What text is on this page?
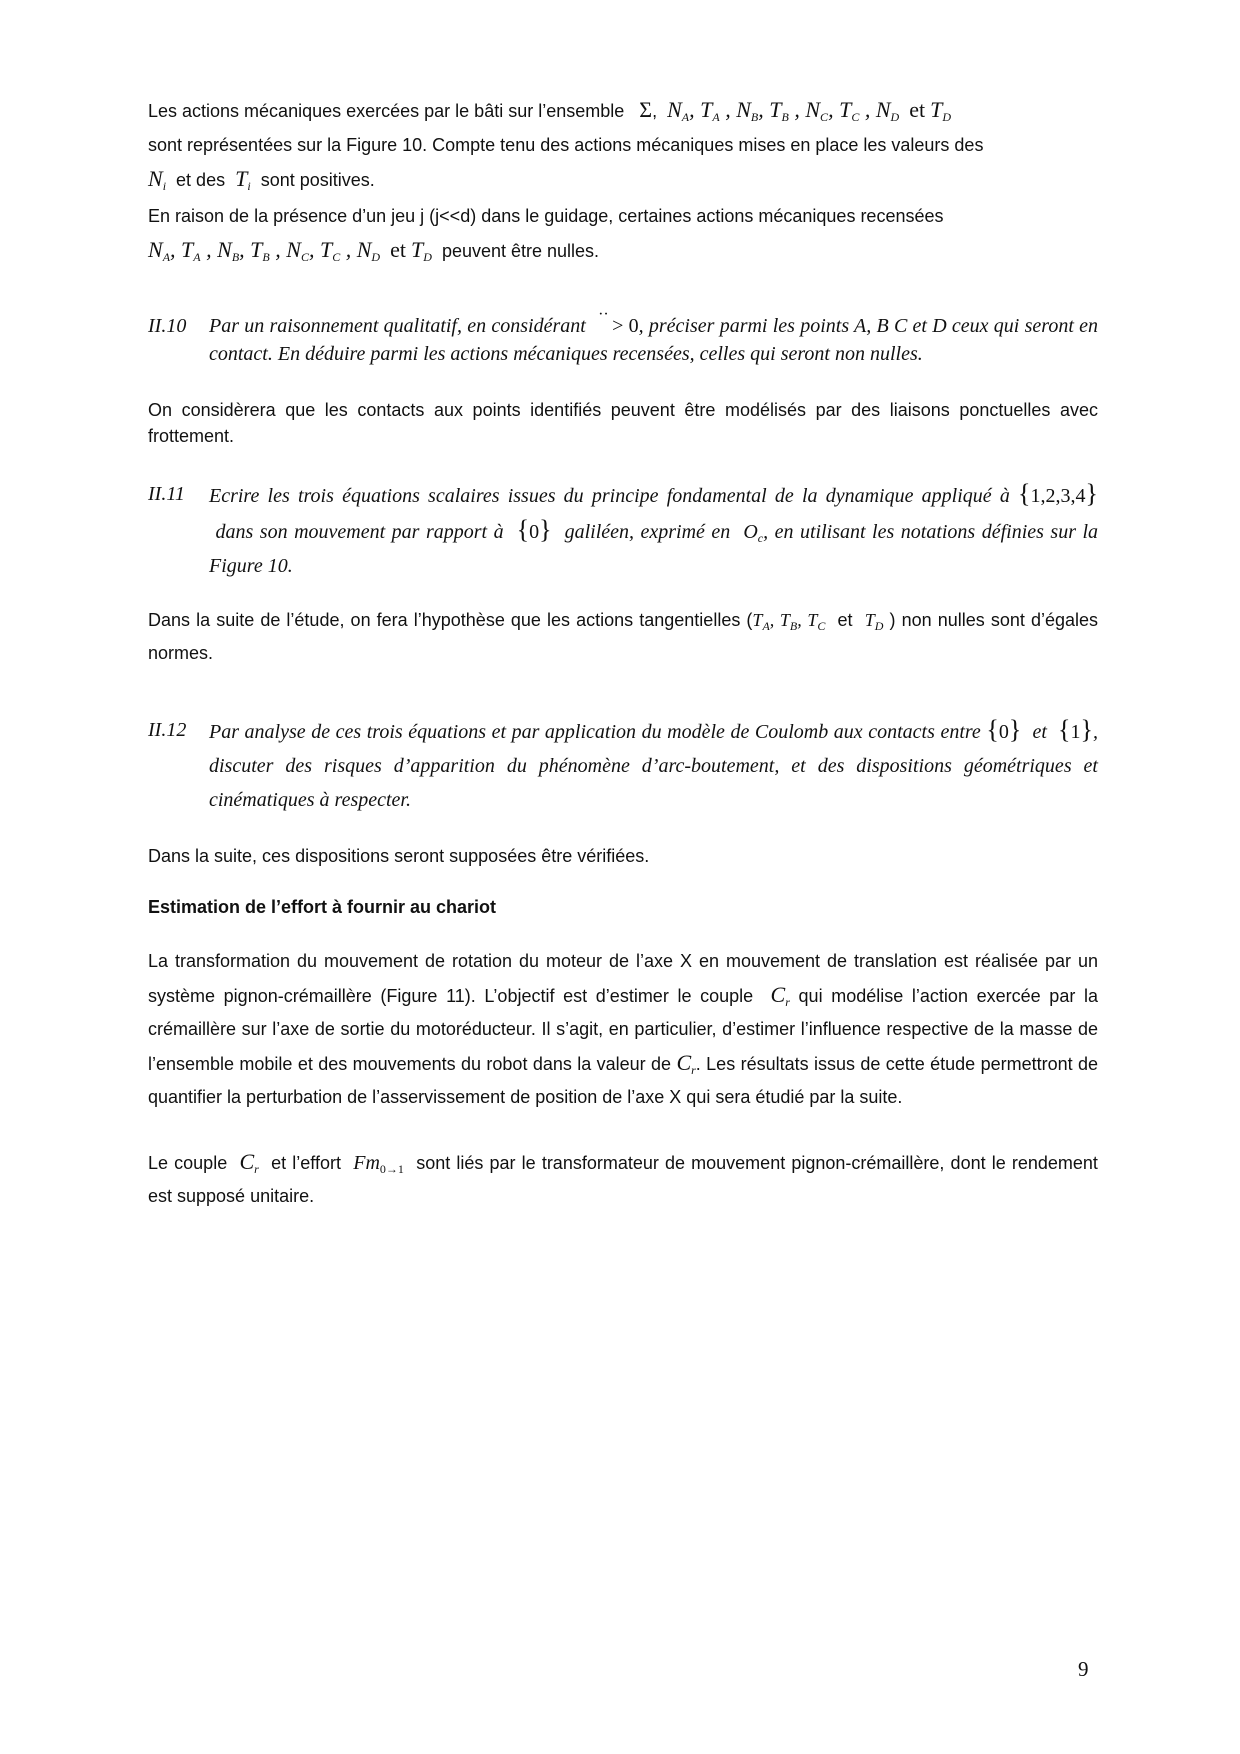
Les actions mécaniques exercées par le bâti sur l’ensemble Σ,  $N_A$, $T_A$ , $N_B$, $T_B$ , $N_C$, $T_C$ , $N_D$ et $T_D$
sont représentées sur la Figure 10. Compte tenu des actions mécaniques mises en place les valeurs des
$N_i$ et des $T_i$ sont positives.
En raison de la présence d’un jeu j (j<<d) dans le guidage, certaines actions mécaniques recensées
$N_A$, $T_A$ , $N_B$, $T_B$ , $N_C$, $T_C$ , $N_D$ et $T_D$ peuvent être nulles.
II.10 Par un raisonnement qualitatif, en considérant
··
> 0, préciser parmi les points A, B C et D ceux qui seront en contact. En déduire parmi les actions mécaniques recensées, celles qui seront non nulles.
On considèrera que les contacts aux points identifiés peuvent être modélisés par des liaisons ponctuelles avec frottement.
II.11 Ecrire les trois équations scalaires issues du principe fondamental de la dynamique appliqué à {1,2,3,4}  dans son mouvement par rapport à {0} galiléen, exprimé en $O_c$, en utilisant les notations définies sur la Figure 10.
Dans la suite de l’étude, on fera l’hypothèse que les actions tangentielles ($T_A$, $T_B$, $T_C$ et $T_D$ ) non nulles sont d’égales normes.
II.12 Par analyse de ces trois équations et par application du modèle de Coulomb aux contacts entre {0} et {1}, discuter des risques d’apparition du phénomène d’arc-boutement, et des dispositions géométriques et cinématiques à respecter.
Dans la suite, ces dispositions seront supposées être vérifiées.
Estimation de l’effort à fournir au chariot
La transformation du mouvement de rotation du moteur de l’axe X en mouvement de translation est réalisée par un système pignon-crémaillère (Figure 11). L’objectif est d’estimer le couple $C_r$ qui modélise l’action exercée par la crémaillère sur l’axe de sortie du motoréducteur. Il s’agit, en particulier, d’estimer l’influence respective de la masse de l’ensemble mobile et des mouvements du robot dans la valeur de $C_r$. Les résultats issus de cette étude permettront de quantifier la perturbation de l’asservissement de position de l’axe X qui sera étudié par la suite.
Le couple $C_r$ et l’effort $Fm_{0\to 1}$ sont liés par le transformateur de mouvement pignon-crémaillère, dont le rendement est supposé unitaire.
9
